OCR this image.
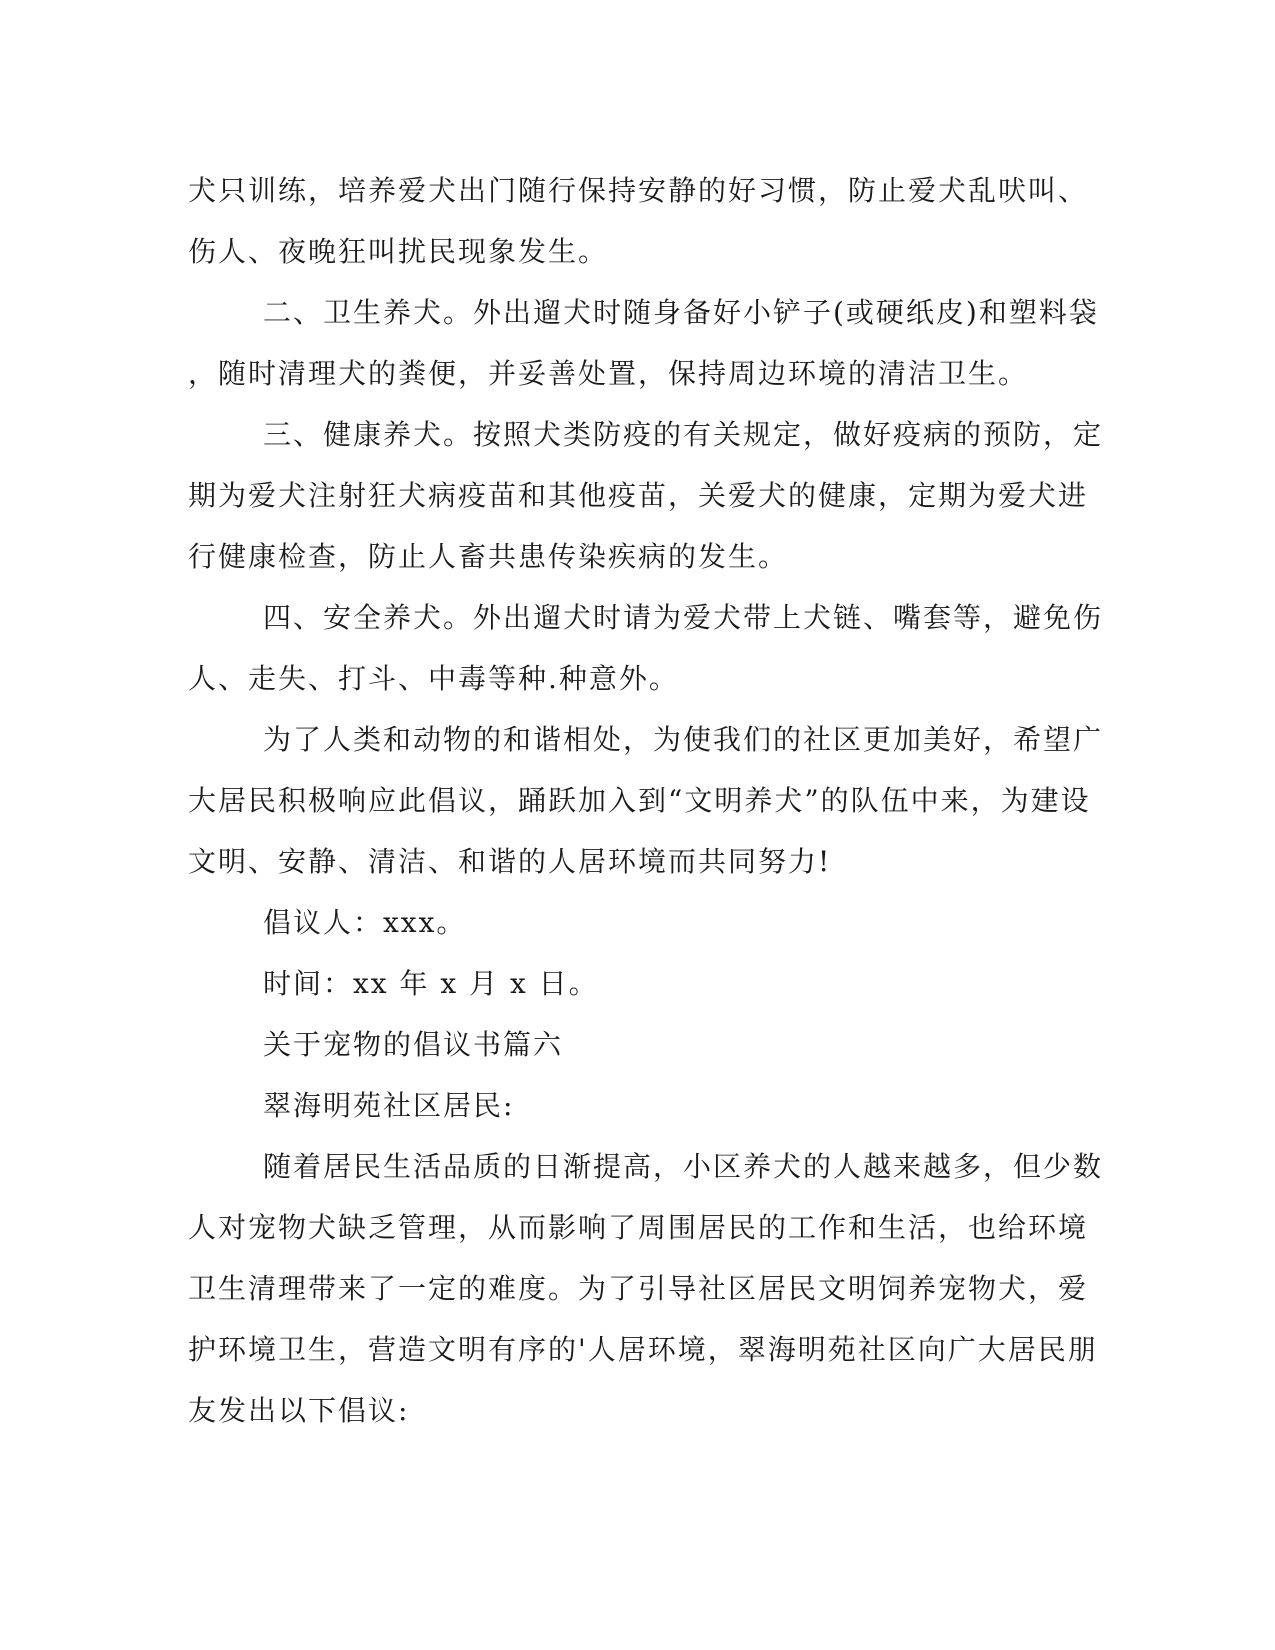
犬只训练，培养爱犬出门随行保持安静的好习惯，防止爱犬乱吠叫、
伤人、夜晚狂叫扰民现象发生。
二、卫生养犬。外出遛犬时随身备好小铲子(或硬纸皮)和塑料袋
，随时清理犬的粪便，并妥善处置，保持周边环境的清洁卫生。
三、健康养犬。按照犬类防疫的有关规定，做好疫病的预防，定
期为爱犬注射狂犬病疫苗和其他疫苗，关爱犬的健康，定期为爱犬进
行健康检查，防止人畜共患传染疾病的发生。
四、安全养犬。外出遛犬时请为爱犬带上犬链、嘴套等，避免伤
人、走失、打斗、中毒等种.种意外。
为了人类和动物的和谐相处，为使我们的社区更加美好，希望广
大居民积极响应此倡议，踊跃加入到“文明养犬”的队伍中来，为建设
文明、安静、清洁、和谐的人居环境而共同努力!
倡议人：xxx。
时间：xx 年 x 月 x 日。
关于宠物的倡议书篇六
翠海明苑社区居民:
随着居民生活品质的日渐提高，小区养犬的人越来越多，但少数
人对宠物犬缺乏管理，从而影响了周围居民的工作和生活，也给环境
卫生清理带来了一定的难度。为了引导社区居民文明饲养宠物犬，爱
护环境卫生，营造文明有序的'人居环境，翠海明苑社区向广大居民朋
友发出以下倡议:
